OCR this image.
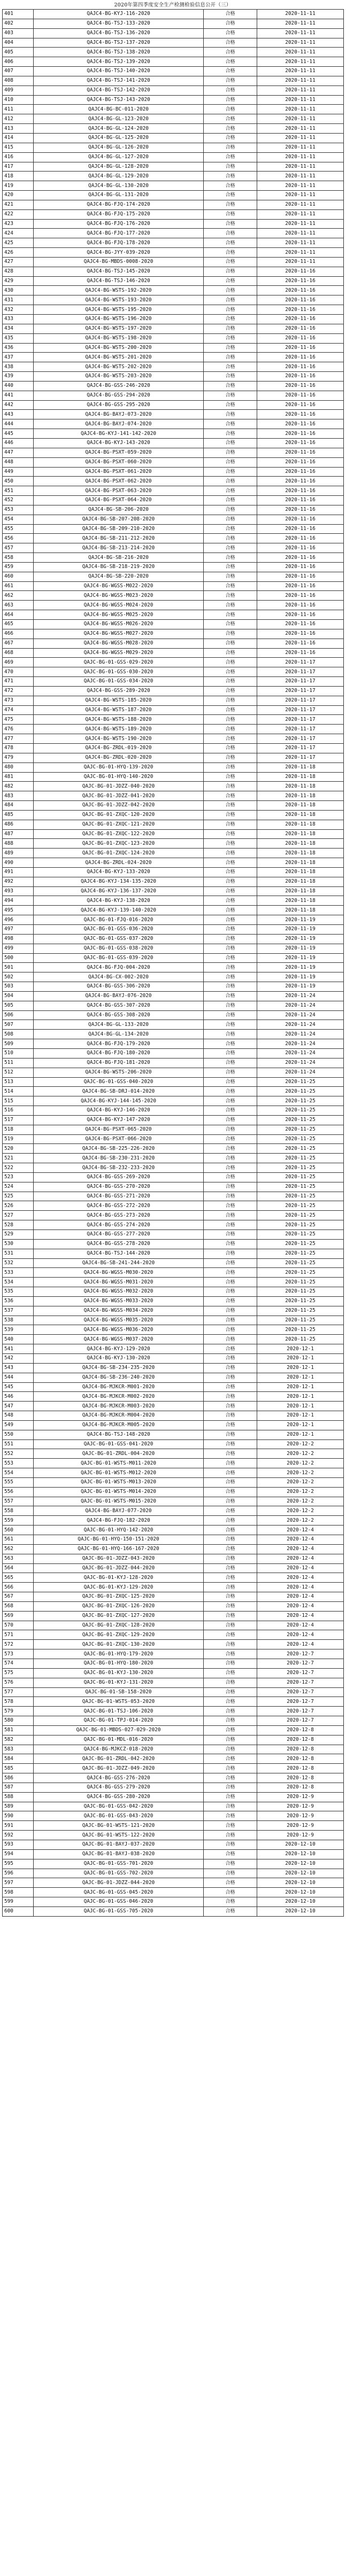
2020年第四季度安全生产检测检验信息公开（三）
401	QAJC4-BG-KYJ-116-2020	合格	2020-11-11
402	QAJC4-BG-TSJ-133-2020	合格	2020-11-11
403	QAJC4-BG-TSJ-136-2020	合格	2020-11-11
404	QAJC4-BG-TSJ-137-2020	合格	2020-11-11
405	QAJC4-BG-TSJ-138-2020	合格	2020-11-11
406	QAJC4-BG-TSJ-139-2020	合格	2020-11-11
407	QAJC4-BG-TSJ-140-2020	合格	2020-11-11
408	QAJC4-BG-TSJ-141-2020	合格	2020-11-11
409	QAJC4-BG-TSJ-142-2020	合格	2020-11-11
410	QAJC4-BG-TSJ-143-2020	合格	2020-11-11
411	QAJC4-BG-BC-011-2020	合格	2020-11-11
412	QAJC4-BG-GL-123-2020	合格	2020-11-11
413	QAJC4-BG-GL-124-2020	合格	2020-11-11
414	QAJC4-BG-GL-125-2020	合格	2020-11-11
415	QAJC4-BG-GL-126-2020	合格	2020-11-11
416	QAJC4-BG-GL-127-2020	合格	2020-11-11
417	QAJC4-BG-GL-128-2020	合格	2020-11-11
418	QAJC4-BG-GL-129-2020	合格	2020-11-11
419	QAJC4-BG-GL-130-2020	合格	2020-11-11
420	QAJC4-BG-GL-131-2020	合格	2020-11-11
421	QAJC4-BG-FJQ-174-2020	合格	2020-11-11
422	QAJC4-BG-FJQ-175-2020	合格	2020-11-11
423	QAJC4-BG-FJQ-176-2020	合格	2020-11-11
424	QAJC4-BG-FJQ-177-2020	合格	2020-11-11
425	QAJC4-BG-FJQ-178-2020	合格	2020-11-11
426	QAJC4-BG-JYY-039-2020	合格	2020-11-11
427	QAJC4-BG-MBDS-0008-2020	合格	2020-11-11
428	QAJC4-BG-TSJ-145-2020	合格	2020-11-16
429	QAJC4-BG-TSJ-146-2020	合格	2020-11-16
430	QAJC4-BG-WSTS-192-2020	合格	2020-11-16
431	QAJC4-BG-WSTS-193-2020	合格	2020-11-16
432	QAJC4-BG-WSTS-195-2020	合格	2020-11-16
433	QAJC4-BG-WSTS-196-2020	合格	2020-11-16
434	QAJC4-BG-WSTS-197-2020	合格	2020-11-16
435	QAJC4-BG-WSTS-198-2020	合格	2020-11-16
436	QAJC4-BG-WSTS-200-2020	合格	2020-11-16
437	QAJC4-BG-WSTS-201-2020	合格	2020-11-16
438	QAJC4-BG-WSTS-202-2020	合格	2020-11-16
439	QAJC4-BG-WSTS-203-2020	合格	2020-11-16
440	QAJC4-BG-GSS-246-2020	合格	2020-11-16
441	QAJC4-BG-GSS-294-2020	合格	2020-11-16
442	QAJC4-BG-GSS-295-2020	合格	2020-11-16
443	QAJC4-BG-BAYJ-073-2020	合格	2020-11-16
444	QAJC4-BG-BAYJ-074-2020	合格	2020-11-16
445	QAJC4-BG-KYJ-141-142-2020	合格	2020-11-16
446	QAJC4-BG-KYJ-143-2020	合格	2020-11-16
447	QAJC4-BG-PSXT-059-2020	合格	2020-11-16
448	QAJC4-BG-PSXT-060-2020	合格	2020-11-16
449	QAJC4-BG-PSXT-061-2020	合格	2020-11-16
450	QAJC4-BG-PSXT-062-2020	合格	2020-11-16
451	QAJC4-BG-PSXT-063-2020	合格	2020-11-16
452	QAJC4-BG-PSXT-064-2020	合格	2020-11-16
453	QAJC4-BG-SB-206-2020	合格	2020-11-16
454	QAJC4-BG-SB-207-208-2020	合格	2020-11-16
455	QAJC4-BG-SB-209-210-2020	合格	2020-11-16
456	QAJC4-BG-SB-211-212-2020	合格	2020-11-16
457	QAJC4-BG-SB-213-214-2020	合格	2020-11-16
458	QAJC4-BG-SB-216-2020	合格	2020-11-16
459	QAJC4-BG-SB-218-219-2020	合格	2020-11-16
460	QAJC4-BG-SB-220-2020	合格	2020-11-16
461	QAJC4-BG-WGSS-M022-2020	合格	2020-11-16
462	QAJC4-BG-WGSS-M023-2020	合格	2020-11-16
463	QAJC4-BG-WGSS-M024-2020	合格	2020-11-16
464	QAJC4-BG-WGSS-M025-2020	合格	2020-11-16
465	QAJC4-BG-WGSS-M026-2020	合格	2020-11-16
466	QAJC4-BG-WGSS-M027-2020	合格	2020-11-16
467	QAJC4-BG-WGSS-M028-2020	合格	2020-11-16
468	QAJC4-BG-WGSS-M029-2020	合格	2020-11-16
469	QAJC-BG-01-GSS-029-2020	合格	2020-11-17
470	QAJC-BG-01-GSS-030-2020	合格	2020-11-17
471	QAJC-BG-01-GSS-034-2020	合格	2020-11-17
472	QAJC4-BG-GSS-289-2020	合格	2020-11-17
473	QAJC4-BG-WSTS-185-2020	合格	2020-11-17
474	QAJC4-BG-WSTS-187-2020	合格	2020-11-17
475	QAJC4-BG-WSTS-188-2020	合格	2020-11-17
476	QAJC4-BG-WSTS-189-2020	合格	2020-11-17
477	QAJC4-BG-WSTS-190-2020	合格	2020-11-17
478	QAJC4-BG-ZRDL-019-2020	合格	2020-11-17
479	QAJC4-BG-ZRDL-020-2020	合格	2020-11-17
480	QAJC-BG-01-HYQ-139-2020	合格	2020-11-18
481	QAJC-BG-01-HYQ-140-2020	合格	2020-11-18
482	QAJC-BG-01-JDZZ-040-2020	合格	2020-11-18
483	QAJC-BG-01-JDZZ-041-2020	合格	2020-11-18
484	QAJC-BG-01-JDZZ-042-2020	合格	2020-11-18
485	QAJC-BG-01-ZXQC-120-2020	合格	2020-11-18
486	QAJC-BG-01-ZXQC-121-2020	合格	2020-11-18
487	QAJC-BG-01-ZXQC-122-2020	合格	2020-11-18
488	QAJC-BG-01-ZXQC-123-2020	合格	2020-11-18
489	QAJC-BG-01-ZXQC-124-2020	合格	2020-11-18
490	QAJC4-BG-ZRDL-024-2020	合格	2020-11-18
491	QAJC4-BG-KYJ-133-2020	合格	2020-11-18
492	QAJC4-BG-KYJ-134-135-2020	合格	2020-11-18
493	QAJC4-BG-KYJ-136-137-2020	合格	2020-11-18
494	QAJC4-BG-KYJ-138-2020	合格	2020-11-18
495	QAJC4-BG-KYJ-139-140-2020	合格	2020-11-18
496	QAJC-BG-01-FJQ-016-2020	合格	2020-11-19
497	QAJC-BG-01-GSS-036-2020	合格	2020-11-19
498	QAJC-BG-01-GSS-037-2020	合格	2020-11-19
499	QAJC-BG-01-GSS-038-2020	合格	2020-11-19
500	QAJC-BG-01-GSS-039-2020	合格	2020-11-19
501	QAJC4-BG-FJQ-004-2020	合格	2020-11-19
502	QAJC4-BG-CX-002-2020	合格	2020-11-19
503	QAJC4-BG-GSS-306-2020	合格	2020-11-19
504	QAJC4-BG-BAYJ-076-2020	合格	2020-11-24
505	QAJC4-BG-GSS-307-2020	合格	2020-11-24
506	QAJC4-BG-GSS-308-2020	合格	2020-11-24
507	QAJC4-BG-GL-133-2020	合格	2020-11-24
508	QAJC4-BG-GL-134-2020	合格	2020-11-24
509	QAJC4-BG-FJQ-179-2020	合格	2020-11-24
510	QAJC4-BG-FJQ-180-2020	合格	2020-11-24
511	QAJC4-BG-FJQ-181-2020	合格	2020-11-24
512	QAJC4-BG-WSTS-206-2020	合格	2020-11-24
513	QAJC-BG-01-GSS-040-2020	合格	2020-11-25
514	QAJC4-BG-SB-DRJ-014-2020	合格	2020-11-25
515	QAJC4-BG-KYJ-144-145-2020	合格	2020-11-25
516	QAJC4-BG-KYJ-146-2020	合格	2020-11-25
517	QAJC4-BG-KYJ-147-2020	合格	2020-11-25
518	QAJC4-BG-PSXT-065-2020	合格	2020-11-25
519	QAJC4-BG-PSXT-066-2020	合格	2020-11-25
520	QAJC4-BG-SB-225-226-2020	合格	2020-11-25
521	QAJC4-BG-SB-230-231-2020	合格	2020-11-25
522	QAJC4-BG-SB-232-233-2020	合格	2020-11-25
523	QAJC4-BG-GSS-269-2020	合格	2020-11-25
524	QAJC4-BG-GSS-270-2020	合格	2020-11-25
525	QAJC4-BG-GSS-271-2020	合格	2020-11-25
526	QAJC4-BG-GSS-272-2020	合格	2020-11-25
527	QAJC4-BG-GSS-273-2020	合格	2020-11-25
528	QAJC4-BG-GSS-274-2020	合格	2020-11-25
529	QAJC4-BG-GSS-277-2020	合格	2020-11-25
530	QAJC4-BG-GSS-278-2020	合格	2020-11-25
531	QAJC4-BG-TSJ-144-2020	合格	2020-11-25
532	QAJC4-BG-SB-241-244-2020	合格	2020-11-25
533	QAJC4-BG-WGSS-M030-2020	合格	2020-11-25
534	QAJC4-BG-WGSS-M031-2020	合格	2020-11-25
535	QAJC4-BG-WGSS-M032-2020	合格	2020-11-25
536	QAJC4-BG-WGSS-M033-2020	合格	2020-11-25
537	QAJC4-BG-WGSS-M034-2020	合格	2020-11-25
538	QAJC4-BG-WGSS-M035-2020	合格	2020-11-25
539	QAJC4-BG-WGSS-M036-2020	合格	2020-11-25
540	QAJC4-BG-WGSS-M037-2020	合格	2020-11-25
541	QAJC4-BG-KYJ-129-2020	合格	2020-12-1
542	QAJC4-BG-KYJ-130-2020	合格	2020-12-1
543	QAJC4-BG-SB-234-235-2020	合格	2020-12-1
544	QAJC4-BG-SB-236-240-2020	合格	2020-12-1
545	QAJC4-BG-MJKCR-M001-2020	合格	2020-12-1
546	QAJC4-BG-MJKCR-M002-2020	合格	2020-12-1
547	QAJC4-BG-MJKCR-M003-2020	合格	2020-12-1
548	QAJC4-BG-MJKCR-M004-2020	合格	2020-12-1
549	QAJC4-BG-MJKCR-M005-2020	合格	2020-12-1
550	QAJC4-BG-TSJ-148-2020	合格	2020-12-1
551	QAJC-BG-01-GSS-041-2020	合格	2020-12-2
552	QAJC-BG-01-ZRDL-004-2020	合格	2020-12-2
553	QAJC-BG-01-WSTS-M011-2020	合格	2020-12-2
554	QAJC-BG-01-WSTS-M012-2020	合格	2020-12-2
555	QAJC-BG-01-WSTS-M013-2020	合格	2020-12-2
556	QAJC-BG-01-WSTS-M014-2020	合格	2020-12-2
557	QAJC-BG-01-WSTS-M015-2020	合格	2020-12-2
558	QAJC4-BG-BAYJ-077-2020	合格	2020-12-2
559	QAJC4-BG-FJQ-182-2020	合格	2020-12-2
560	QAJC-BG-01-HYQ-142-2020	合格	2020-12-4
561	QAJC-BG-01-HYQ-150-151-2020	合格	2020-12-4
562	QAJC-BG-01-HYQ-166-167-2020	合格	2020-12-4
563	QAJC-BG-01-JDZZ-043-2020	合格	2020-12-4
564	QAJC-BG-01-JDZZ-044-2020	合格	2020-12-4
565	QAJC-BG-01-KYJ-128-2020	合格	2020-12-4
566	QAJC-BG-01-KYJ-129-2020	合格	2020-12-4
567	QAJC-BG-01-ZXQC-125-2020	合格	2020-12-4
568	QAJC-BG-01-ZXQC-126-2020	合格	2020-12-4
569	QAJC-BG-01-ZXQC-127-2020	合格	2020-12-4
570	QAJC-BG-01-ZXQC-128-2020	合格	2020-12-4
571	QAJC-BG-01-ZXQC-129-2020	合格	2020-12-4
572	QAJC-BG-01-ZXQC-130-2020	合格	2020-12-4
573	QAJC-BG-01-HYQ-179-2020	合格	2020-12-7
574	QAJC-BG-01-HYQ-180-2020	合格	2020-12-7
575	QAJC-BG-01-KYJ-130-2020	合格	2020-12-7
576	QAJC-BG-01-KYJ-131-2020	合格	2020-12-7
577	QAJC-BG-01-SB-158-2020	合格	2020-12-7
578	QAJC-BG-01-WSTS-053-2020	合格	2020-12-7
579	QAJC-BG-01-TSJ-106-2020	合格	2020-12-7
580	QAJC-BG-01-TPJ-014-2020	合格	2020-12-7
581	QAJC-BG-01-MBDS-027-029-2020	合格	2020-12-8
582	QAJC-BG-01-MDL-016-2020	合格	2020-12-8
583	QAJC4-BG-MJKCZ-018-2020	合格	2020-12-8
584	QAJC-BG-01-ZRDL-042-2020	合格	2020-12-8
585	QAJC-BG-01-JDZZ-049-2020	合格	2020-12-8
586	QAJC4-BG-GSS-276-2020	合格	2020-12-8
587	QAJC4-BG-GSS-279-2020	合格	2020-12-8
588	QAJC4-BG-GSS-280-2020	合格	2020-12-9
589	QAJC-BG-01-GSS-042-2020	合格	2020-12-9
590	QAJC-BG-01-GSS-043-2020	合格	2020-12-9
591	QAJC-BG-01-WSTS-121-2020	合格	2020-12-9
592	QAJC-BG-01-WSTS-122-2020	合格	2020-12-9
593	QAJC-BG-01-BAYJ-037-2020	合格	2020-12-10
594	QAJC-BG-01-BAYJ-038-2020	合格	2020-12-10
595	QAJC-BG-01-GSS-701-2020	合格	2020-12-10
596	QAJC-BG-01-GSS-702-2020	合格	2020-12-10
597	QAJC-BG-01-JDZZ-044-2020	合格	2020-12-10
598	QAJC-BG-01-GSS-045-2020	合格	2020-12-10
599	QAJC-BG-01-GSS-046-2020	合格	2020-12-10
600	QAJC-BG-01-GSS-705-2020	合格	2020-12-10
